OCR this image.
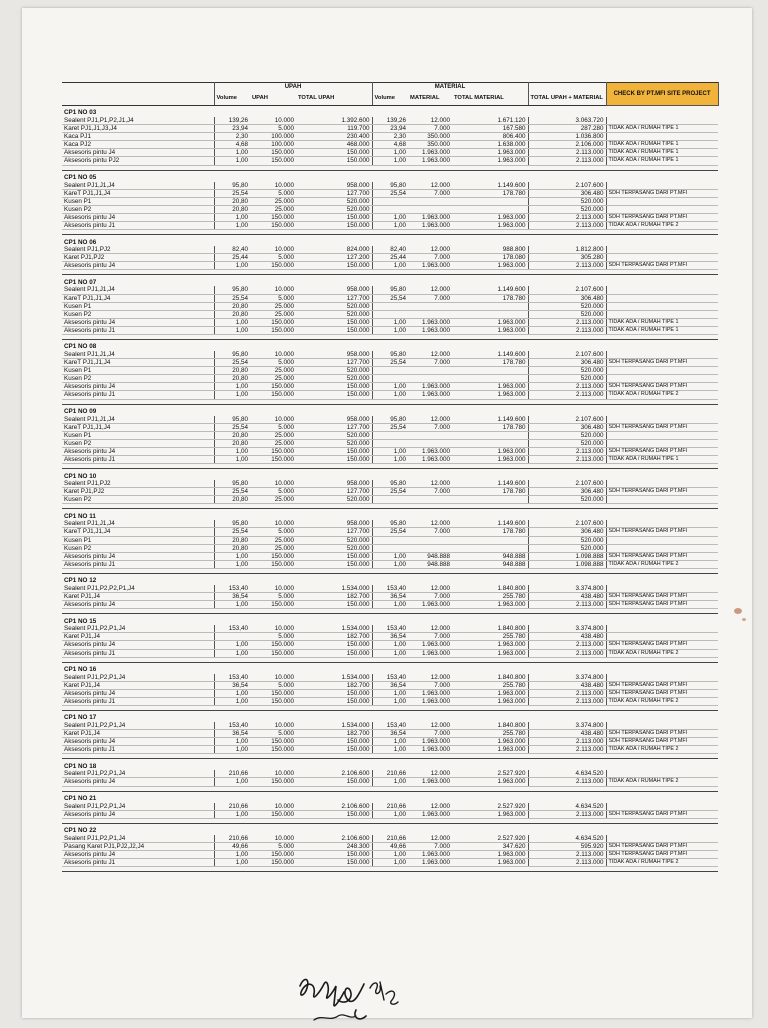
	UPAH			MATERIAL				CHECK BY PT.MFI SITE PROJECT
	Volume	UPAH	TOTAL UPAH	Volume	MATERIAL	TOTAL MATERIAL	TOTAL UPAH + MATERIAL	
CP1 NO 03								
Sealent PJ1,P1,P2,J1,J4	139,26	10.000	1.392.600	139,26	12.000	1.671.120	3.063.720	
Karet PJ1,J1,J3,J4	23,94	5.000	119.700	23,94	7.000	167.580	287.280	TIDAK ADA / RUMAH TIPE 1
Kaca PJ1	2,30	100.000	230.400	2,30	350.000	806.400	1.036.800	
Kaca PJ2	4,68	100.000	468.000	4,68	350.000	1.638.000	2.106.000	TIDAK ADA / RUMAH TIPE 1
Aksesoris pintu J4	1,00	150.000	150.000	1,00	1.963.000	1.963.000	2.113.000	TIDAK ADA / RUMAH TIPE 1
Aksesoris pintu PJ2	1,00	150.000	150.000	1,00	1.963.000	1.963.000	2.113.000	TIDAK ADA / RUMAH TIPE 1

CP1 NO 05								
Sealent PJ1,J1,J4	95,80	10.000	958.000	95,80	12.000	1.149.600	2.107.600	
KareT PJ1,J1,J4	25,54	5.000	127.700	25,54	7.000	178.780	306.480	SDH TERPASANG DARI PT.MFI
Kusen P1	20,80	25.000	520.000				520.000	
Kusen P2	20,80	25.000	520.000				520.000	
Aksesoris pintu J4	1,00	150.000	150.000	1,00	1.963.000	1.963.000	2.113.000	SDH TERPASANG DARI PT.MFI
Aksesoris pintu J1	1,00	150.000	150.000	1,00	1.963.000	1.963.000	2.113.000	TIDAK ADA / RUMAH TIPE 2

CP1 NO 06								
Sealent PJ1,PJ2	82,40	10.000	824.000	82,40	12.000	988.800	1.812.800	
Karet PJ1,PJ2	25,44	5.000	127.200	25,44	7.000	178.080	305.280	
Aksesoris pintu J4	1,00	150.000	150.000	1,00	1.963.000	1.963.000	2.113.000	SDH TERPASANG DARI PT.MFI

CP1 NO 07								
Sealent PJ1,J1,J4	95,80	10.000	958.000	95,80	12.000	1.149.600	2.107.600	
KareT PJ1,J1,J4	25,54	5.000	127.700	25,54	7.000	178.780	306.480	
Kusen P1	20,80	25.000	520.000				520.000	
Kusen P2	20,80	25.000	520.000				520.000	
Aksesoris pintu J4	1,00	150.000	150.000	1,00	1.963.000	1.963.000	2.113.000	TIDAK ADA / RUMAH TIPE 1
Aksesoris pintu J1	1,00	150.000	150.000	1,00	1.963.000	1.963.000	2.113.000	TIDAK ADA / RUMAH TIPE 1

CP1 NO 08								
Sealent PJ1,J1,J4	95,80	10.000	958.000	95,80	12.000	1.149.600	2.107.600	
KareT PJ1,J1,J4	25,54	5.000	127.700	25,54	7.000	178.780	306.480	SDH TERPASANG DARI PT.MFI
Kusen P1	20,80	25.000	520.000				520.000	
Kusen P2	20,80	25.000	520.000				520.000	
Aksesoris pintu J4	1,00	150.000	150.000	1,00	1.963.000	1.963.000	2.113.000	SDH TERPASANG DARI PT.MFI
Aksesoris pintu J1	1,00	150.000	150.000	1,00	1.963.000	1.963.000	2.113.000	TIDAK ADA / RUMAH TIPE 2

CP1 NO 09								
Sealent PJ1,J1,J4	95,80	10.000	958.000	95,80	12.000	1.149.600	2.107.600	
KareT PJ1,J1,J4	25,54	5.000	127.700	25,54	7.000	178.780	306.480	SDH TERPASANG DARI PT.MFI
Kusen P1	20,80	25.000	520.000				520.000	
Kusen P2	20,80	25.000	520.000				520.000	
Aksesoris pintu J4	1,00	150.000	150.000	1,00	1.963.000	1.963.000	2.113.000	SDH TERPASANG DARI PT.MFI
Aksesoris pintu J1	1,00	150.000	150.000	1,00	1.963.000	1.963.000	2.113.000	TIDAK ADA / RUMAH TIPE 1

CP1 NO 10								
Sealent PJ1,PJ2	95,80	10.000	958.000	95,80	12.000	1.149.600	2.107.600	
Karet PJ1,PJ2	25,54	5.000	127.700	25,54	7.000	178.780	306.480	SDH TERPASANG DARI PT.MFI
Kusen P2	20,80	25.000	520.000				520.000	

CP1 NO 11								
Sealent PJ1,J1,J4	95,80	10.000	958.000	95,80	12.000	1.149.600	2.107.600	
KareT PJ1,J1,J4	25,54	5.000	127.700	25,54	7.000	178.780	306.480	SDH TERPASANG DARI PT.MFI
Kusen P1	20,80	25.000	520.000				520.000	
Kusen P2	20,80	25.000	520.000				520.000	
Aksesoris pintu J4	1,00	150.000	150.000	1,00	948.888	948.888	1.098.888	SDH TERPASANG DARI PT.MFI
Aksesoris pintu J1	1,00	150.000	150.000	1,00	948.888	948.888	1.098.888	TIDAK ADA / RUMAH TIPE 2

CP1 NO 12								
Sealent PJ1,P2,P2,P1,J4	153,40	10.000	1.534.000	153,40	12.000	1.840.800	3.374.800	
Karet PJ1,J4	36,54	5.000	182.700	36,54	7.000	255.780	438.480	SDH TERPASANG DARI PT.MFI
Aksesoris pintu J4	1,00	150.000	150.000	1,00	1.963.000	1.963.000	2.113.000	SDH TERPASANG DARI PT.MFI

CP1 NO 15								
Sealent PJ1,P2,P1,J4	153,40	10.000	1.534.000	153,40	12.000	1.840.800	3.374.800	
Karet PJ1,J4		5.000	182.700	36,54	7.000	255.780	438.480	
Aksesoris pintu J4	1,00	150.000	150.000	1,00	1.963.000	1.963.000	2.113.000	SDH TERPASANG DARI PT.MFI
Aksesoris pintu J1	1,00	150.000	150.000	1,00	1.963.000	1.963.000	2.113.000	TIDAK ADA / RUMAH TIPE 2

CP1 NO 16								
Sealent PJ1,P2,P1,J4	153,40	10.000	1.534.000	153,40	12.000	1.840.800	3.374.800	
Karet PJ1,J4	36,54	5.000	182.700	36,54	7.000	255.780	438.480	SDH TERPASANG DARI PT.MFI
Aksesoris pintu J4	1,00	150.000	150.000	1,00	1.963.000	1.963.000	2.113.000	SDH TERPASANG DARI PT.MFI
Aksesoris pintu J1	1,00	150.000	150.000	1,00	1.963.000	1.963.000	2.113.000	TIDAK ADA / RUMAH TIPE 2

CP1 NO 17								
Sealent PJ1,P2,P1,J4	153,40	10.000	1.534.000	153,40	12.000	1.840.800	3.374.800	
Karet PJ1,J4	36,54	5.000	182.700	36,54	7.000	255.780	438.480	SDH TERPASANG DARI PT.MFI
Aksesoris pintu J4	1,00	150.000	150.000	1,00	1.963.000	1.963.000	2.113.000	SDH TERPASANG DARI PT.MFI
Aksesoris pintu J1	1,00	150.000	150.000	1,00	1.963.000	1.963.000	2.113.000	TIDAK ADA / RUMAH TIPE 2

CP1 NO 18								
Sealent PJ1,P2,P1,J4	210,66	10.000	2.106.600	210,66	12.000	2.527.920	4.634.520	
Aksesoris pintu J4	1,00	150.000	150.000	1,00	1.963.000	1.963.000	2.113.000	TIDAK ADA / RUMAH TIPE 2

CP1 NO 21								
Sealent PJ1,P2,P1,J4	210,66	10.000	2.106.600	210,66	12.000	2.527.920	4.634.520	
Aksesoris pintu J4	1,00	150.000	150.000	1,00	1.963.000	1.963.000	2.113.000	SDH TERPASANG DARI PT.MFI

CP1 NO 22								
Sealent PJ1,P2,P1,J4	210,66	10.000	2.106.600	210,66	12.000	2.527.920	4.634.520	
Pasang Karet PJ1,PJ2,J2,J4	49,66	5.000	248.300	49,66	7.000	347.620	595.920	SDH TERPASANG DARI PT.MFI
Aksesoris pintu J4	1,00	150.000	150.000	1,00	1.963.000	1.963.000	2.113.000	SDH TERPASANG DARI PT.MFI
Aksesoris pintu J1	1,00	150.000	150.000	1,00	1.963.000	1.963.000	2.113.000	TIDAK ADA / RUMAH TIPE 2
